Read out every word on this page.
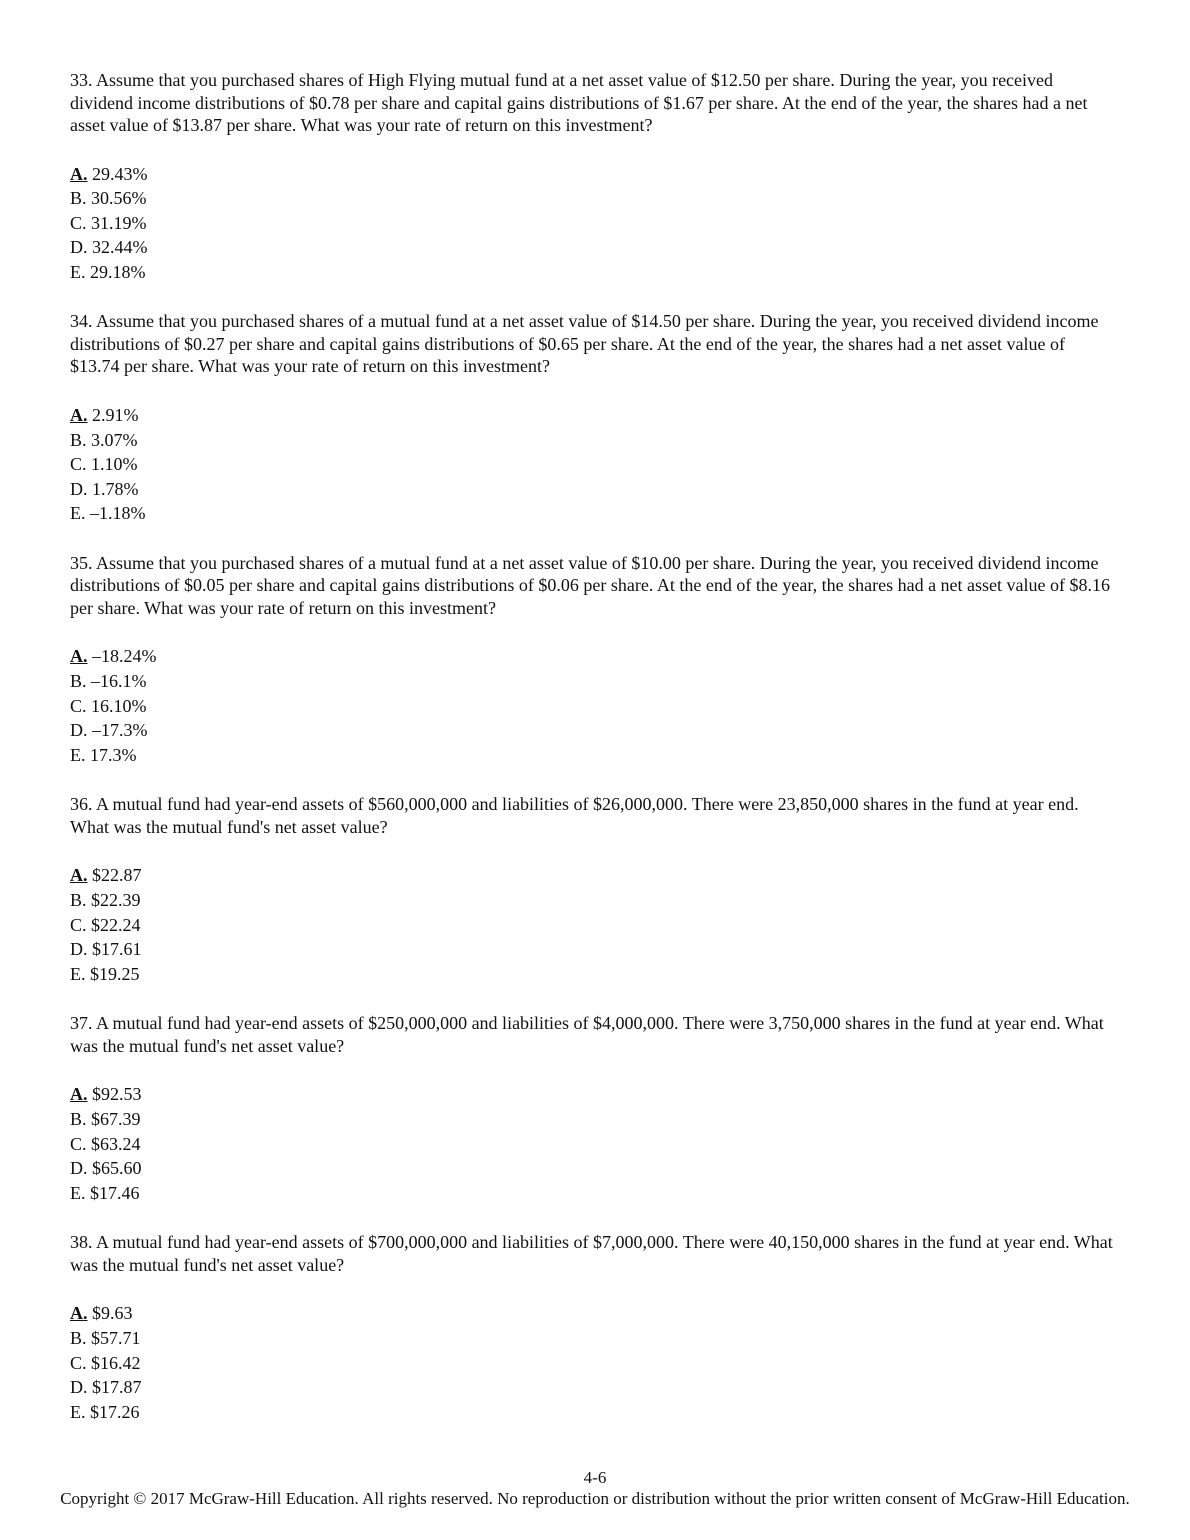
33. Assume that you purchased shares of High Flying mutual fund at a net asset value of $12.50 per share. During the year, you received dividend income distributions of $0.78 per share and capital gains distributions of $1.67 per share. At the end of the year, the shares had a net asset value of $13.87 per share. What was your rate of return on this investment?

A. 29.43%
B. 30.56%
C. 31.19%
D. 32.44%
E. 29.18%

34. Assume that you purchased shares of a mutual fund at a net asset value of $14.50 per share. During the year, you received dividend income distributions of $0.27 per share and capital gains distributions of $0.65 per share. At the end of the year, the shares had a net asset value of $13.74 per share. What was your rate of return on this investment?

A. 2.91%
B. 3.07%
C. 1.10%
D. 1.78%
E. –1.18%

35. Assume that you purchased shares of a mutual fund at a net asset value of $10.00 per share. During the year, you received dividend income distributions of $0.05 per share and capital gains distributions of $0.06 per share. At the end of the year, the shares had a net asset value of $8.16 per share. What was your rate of return on this investment?

A. –18.24%
B. –16.1%
C. 16.10%
D. –17.3%
E. 17.3%

36. A mutual fund had year-end assets of $560,000,000 and liabilities of $26,000,000. There were 23,850,000 shares in the fund at year end. What was the mutual fund's net asset value?

A. $22.87
B. $22.39
C. $22.24
D. $17.61
E. $19.25

37. A mutual fund had year-end assets of $250,000,000 and liabilities of $4,000,000. There were 3,750,000 shares in the fund at year end. What was the mutual fund's net asset value?

A. $92.53
B. $67.39
C. $63.24
D. $65.60
E. $17.46

38. A mutual fund had year-end assets of $700,000,000 and liabilities of $7,000,000. There were 40,150,000 shares in the fund at year end. What was the mutual fund's net asset value?

A. $9.63
B. $57.71
C. $16.42
D. $17.87
E. $17.26
4-6
Copyright © 2017 McGraw-Hill Education. All rights reserved. No reproduction or distribution without the prior written consent of McGraw-Hill Education.
